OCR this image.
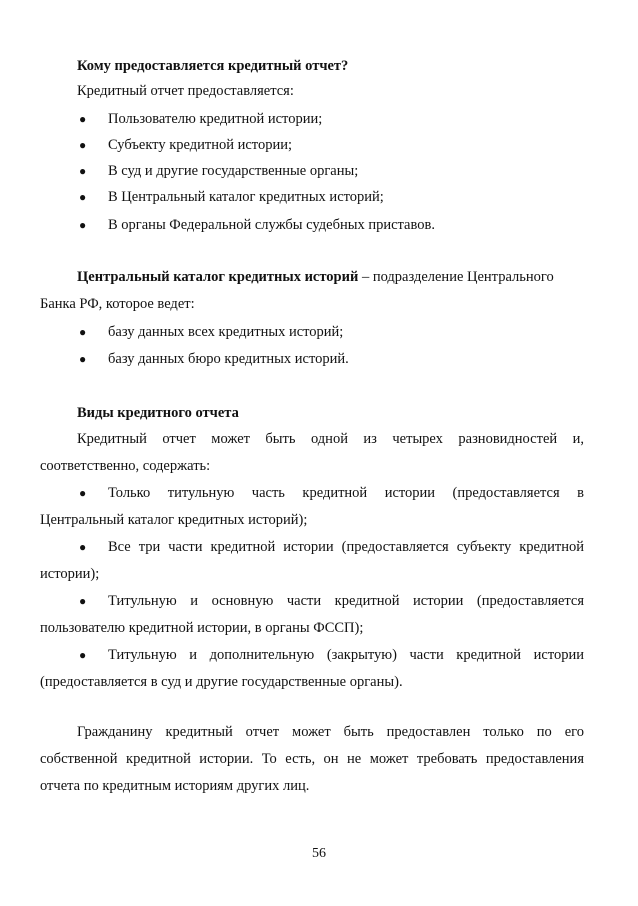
Кому предоставляется кредитный отчет?
Кредитный отчет предоставляется:
● Пользователю кредитной истории;
● Субъекту кредитной истории;
● В суд и другие государственные органы;
● В Центральный каталог кредитных историй;
● В органы Федеральной службы судебных приставов.
Центральный каталог кредитных историй – подразделение Центрального
Банка РФ, которое ведет:
● базу данных всех кредитных историй;
● базу данных бюро кредитных историй.
Виды кредитного отчета
Кредитный отчет может быть одной из четырех разновидностей и,
соответственно, содержать:
● Только титульную часть кредитной истории (предоставляется в
Центральный каталог кредитных историй);
● Все три части кредитной истории (предоставляется субъекту кредитной
истории);
● Титульную и основную части кредитной истории (предоставляется
пользователю кредитной истории, в органы ФССП);
● Титульную и дополнительную (закрытую) части кредитной истории
(предоставляется в суд и другие государственные органы).
Гражданину кредитный отчет может быть предоставлен только по его
собственной кредитной истории. То есть, он не может требовать предоставления
отчета по кредитным историям других лиц.
56
